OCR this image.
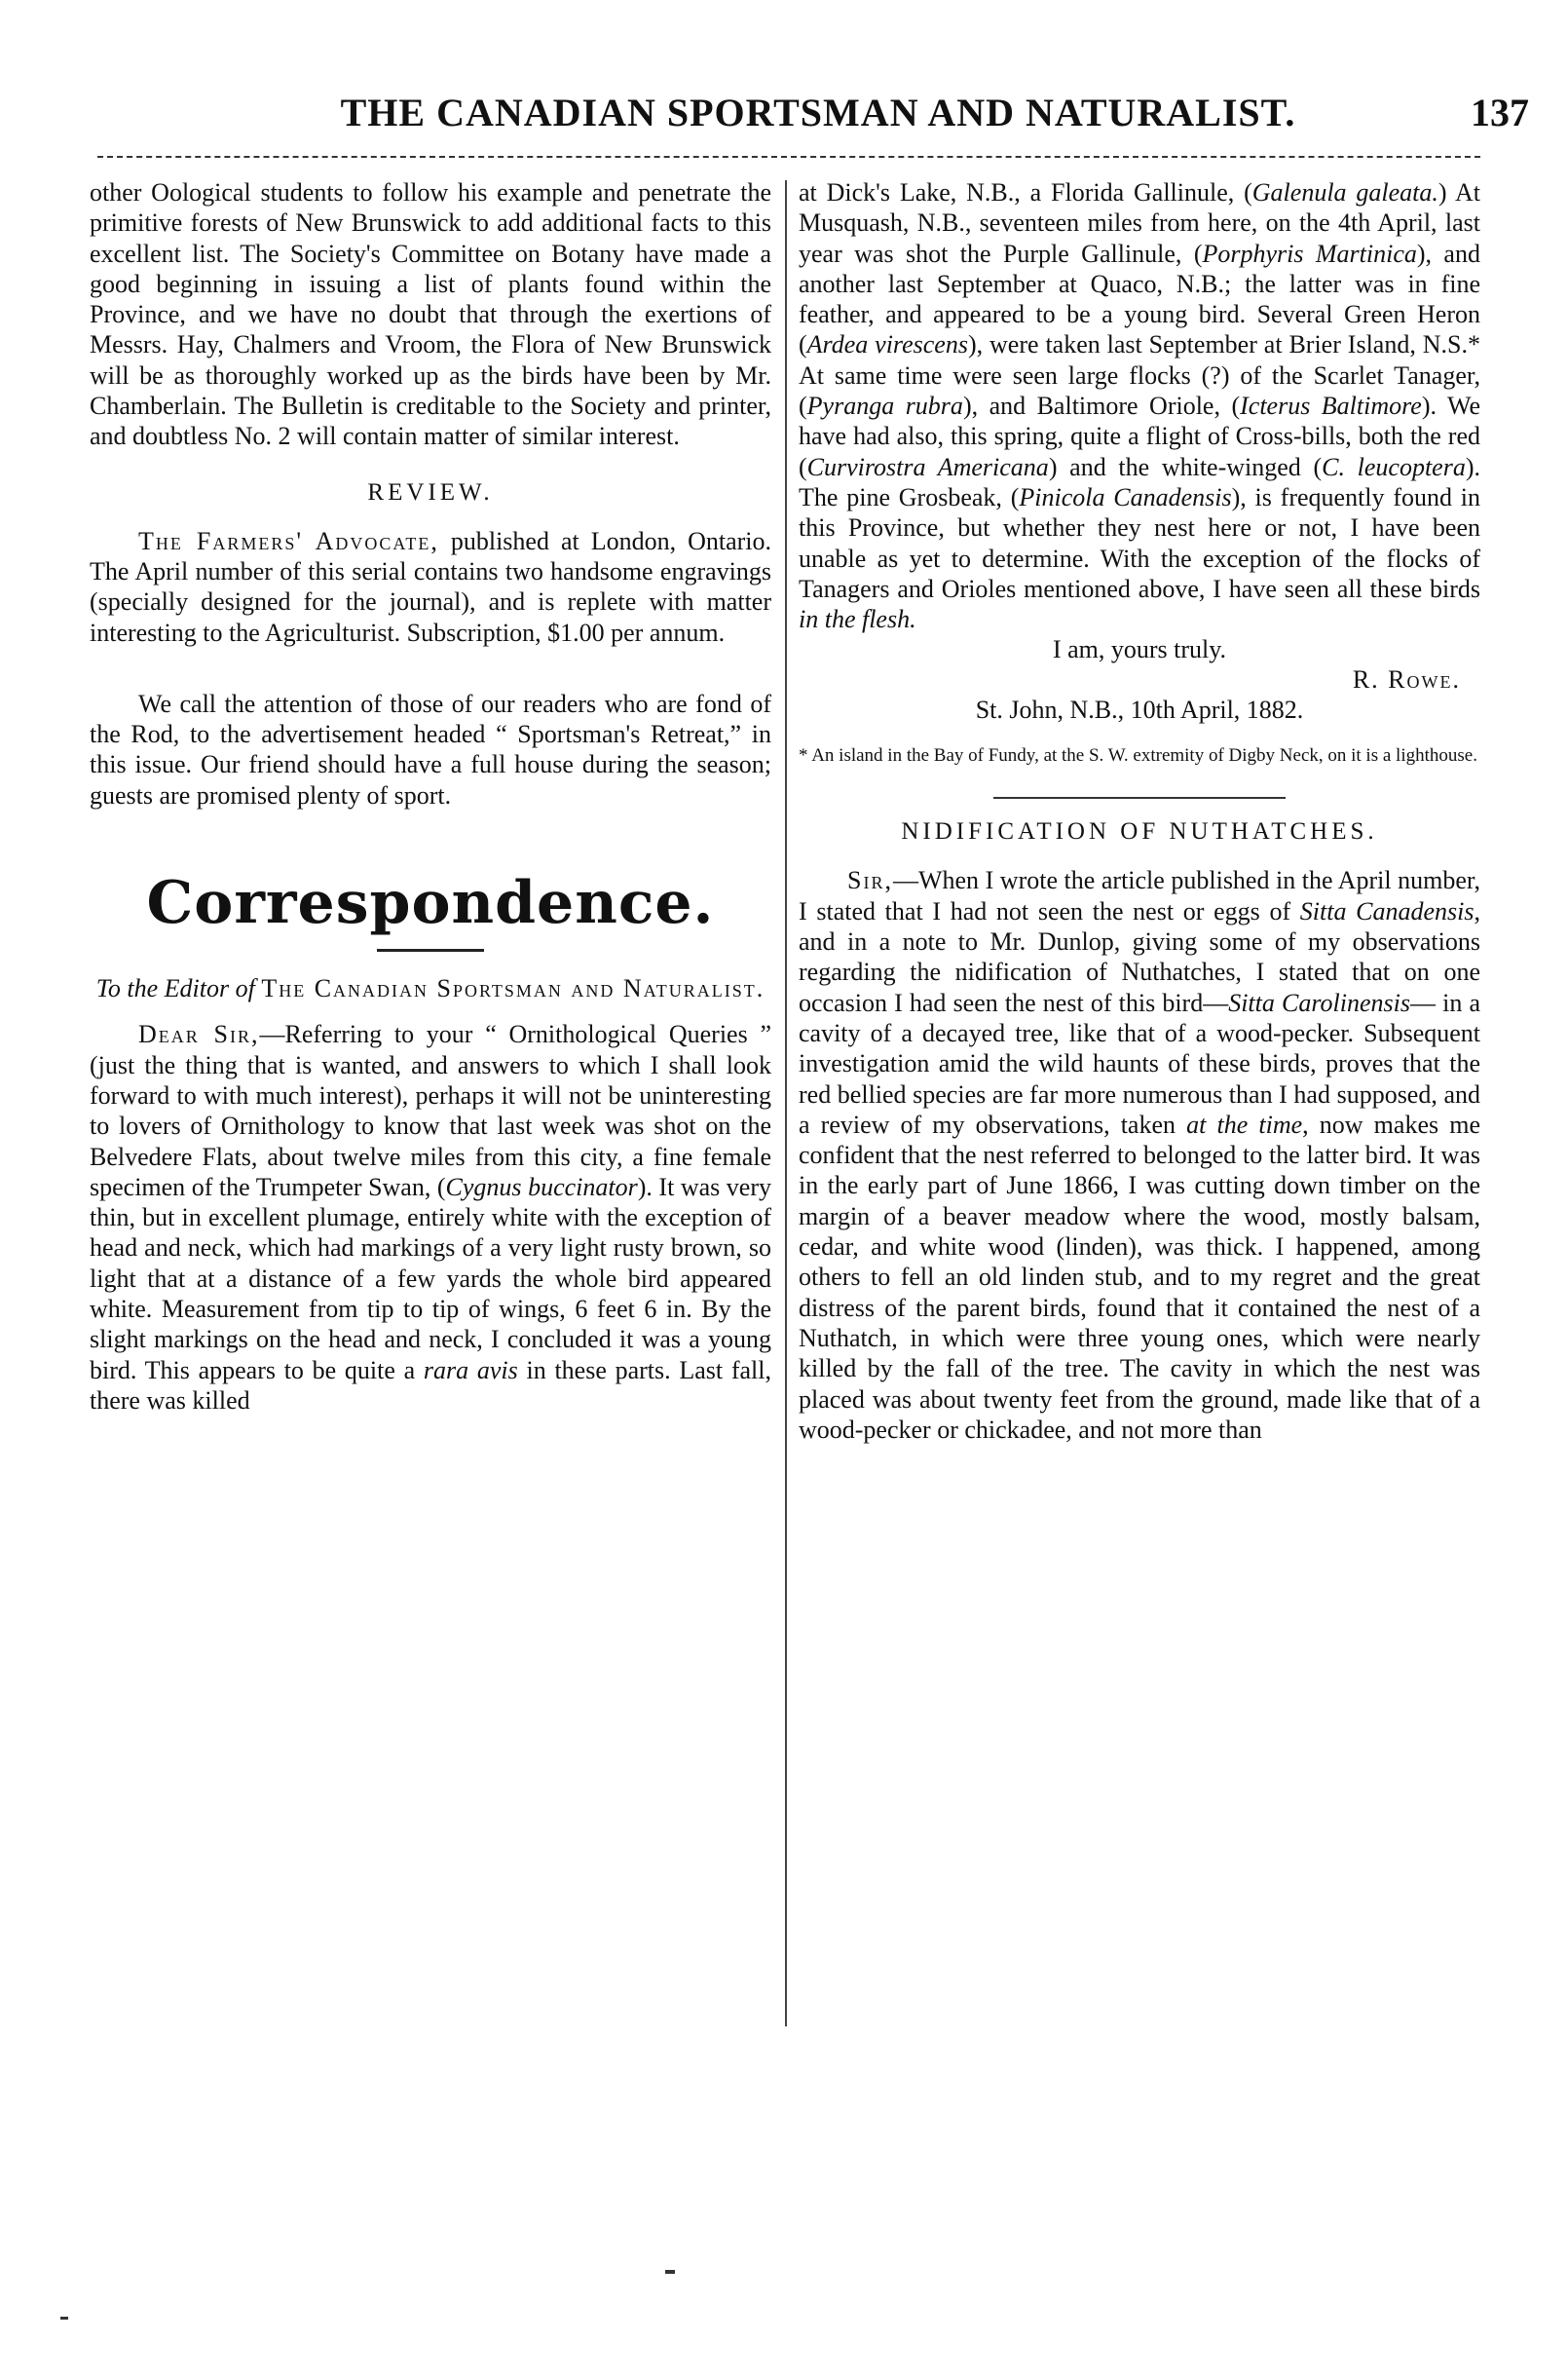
THE CANADIAN SPORTSMAN AND NATURALIST.	137

other Oological students to follow his example and penetrate the primitive forests of New Brunswick to add additional facts to this excellent list. The Society's Committee on Botany have made a good beginning in issuing a list of plants found within the Province, and we have no doubt that through the exertions of Messrs. Hay, Chalmers and Vroom, the Flora of New Brunswick will be as thoroughly worked up as the birds have been by Mr. Chamberlain. The Bulletin is creditable to the Society and printer, and doubtless No. 2 will contain matter of similar interest.

REVIEW.

The Farmers' Advocate, published at London, Ontario. The April number of this serial contains two handsome engravings (specially designed for the journal), and is replete with matter interesting to the Agriculturist. Subscription, $1.00 per annum.

We call the attention of those of our readers who are fond of the Rod, to the advertisement headed “ Sportsman's Retreat,” in this issue. Our friend should have a full house during the season; guests are promised plenty of sport.

Correspondence.

To the Editor of The Canadian Sportsman and Naturalist.

Dear Sir,—Referring to your “ Ornithological Queries ” (just the thing that is wanted, and answers to which I shall look forward to with much interest), perhaps it will not be uninteresting to lovers of Ornithology to know that last week was shot on the Belvedere Flats, about twelve miles from this city, a fine female specimen of the Trumpeter Swan, (Cygnus buccinator). It was very thin, but in excellent plumage, entirely white with the exception of head and neck, which had markings of a very light rusty brown, so light that at a distance of a few yards the whole bird appeared white. Measurement from tip to tip of wings, 6 feet 6 in. By the slight markings on the head and neck, I concluded it was a young bird. This appears to be quite a rara avis in these parts. Last fall, there was killed

at Dick's Lake, N.B., a Florida Gallinule, (Galenula galeata.) At Musquash, N.B., seventeen miles from here, on the 4th April, last year was shot the Purple Gallinule, (Porphyris Martinica), and another last September at Quaco, N.B.; the latter was in fine feather, and appeared to be a young bird. Several Green Heron (Ardea virescens), were taken last September at Brier Island, N.S.* At same time were seen large flocks (?) of the Scarlet Tanager, (Pyranga rubra), and Baltimore Oriole, (Icterus Baltimore). We have had also, this spring, quite a flight of Cross-bills, both the red (Curvirostra Americana) and the white-winged (C. leucoptera). The pine Grosbeak, (Pinicola Canadensis), is frequently found in this Province, but whether they nest here or not, I have been unable as yet to determine. With the exception of the flocks of Tanagers and Orioles mentioned above, I have seen all these birds in the flesh.

I am, yours truly.

R. Rowe.

St. John, N.B., 10th April, 1882.

* An island in the Bay of Fundy, at the S. W. extremity of Digby Neck, on it is a lighthouse.

NIDIFICATION OF NUTHATCHES.

Sir,—When I wrote the article published in the April number, I stated that I had not seen the nest or eggs of Sitta Canadensis, and in a note to Mr. Dunlop, giving some of my observations regarding the nidification of Nuthatches, I stated that on one occasion I had seen the nest of this bird—Sitta Carolinensis— in a cavity of a decayed tree, like that of a wood-pecker. Subsequent investigation amid the wild haunts of these birds, proves that the red bellied species are far more numerous than I had supposed, and a review of my observations, taken at the time, now makes me confident that the nest referred to belonged to the latter bird. It was in the early part of June 1866, I was cutting down timber on the margin of a beaver meadow where the wood, mostly balsam, cedar, and white wood (linden), was thick. I happened, among others to fell an old linden stub, and to my regret and the great distress of the parent birds, found that it contained the nest of a Nuthatch, in which were three young ones, which were nearly killed by the fall of the tree. The cavity in which the nest was placed was about twenty feet from the ground, made like that of a wood-pecker or chickadee, and not more than
